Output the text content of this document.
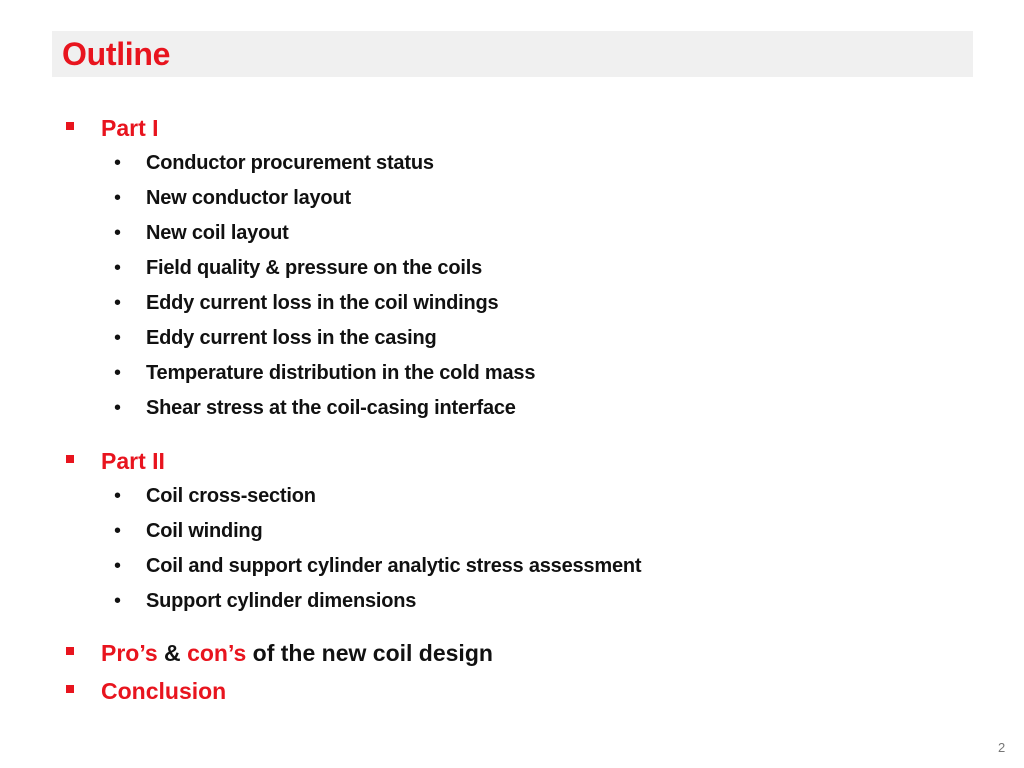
Outline
Part I
• Conductor procurement status
• New conductor layout
• New coil layout
• Field quality & pressure on the coils
• Eddy current loss in the coil windings
• Eddy current loss in the casing
• Temperature distribution in the cold mass
• Shear stress at the coil-casing interface
Part II
• Coil cross-section
• Coil winding
• Coil and support cylinder analytic stress assessment
• Support cylinder dimensions
Pro’s & con’s of the new coil design
Conclusion
2
